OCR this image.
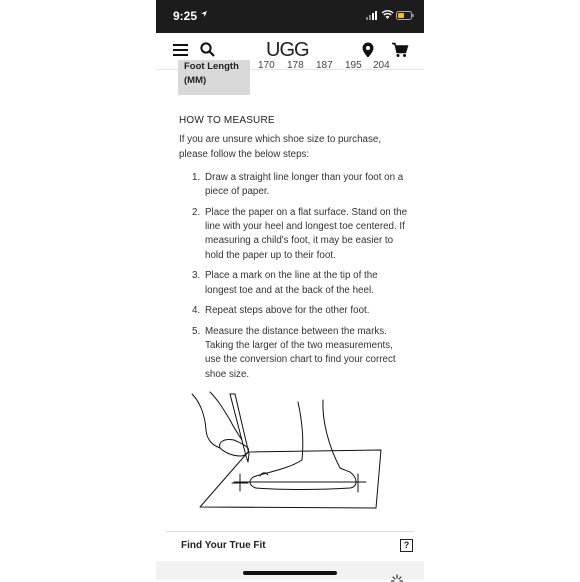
9:25
UGG
Foot Length
(MM)
170 178 187 195 204
HOW TO MEASURE
If you are unsure which shoe size to purchase, please follow the below steps:
1. Draw a straight line longer than your foot on a piece of paper.
2. Place the paper on a flat surface. Stand on the line with your heel and longest toe centered. If measuring a child's foot, it may be easier to hold the paper up to their foot.
3. Place a mark on the line at the tip of the longest toe and at the back of the heel.
4. Repeat steps above for the other foot.
5. Measure the distance between the marks. Taking the larger of the two measurements, use the conversion chart to find your correct shoe size.
Find Your True Fit	?
